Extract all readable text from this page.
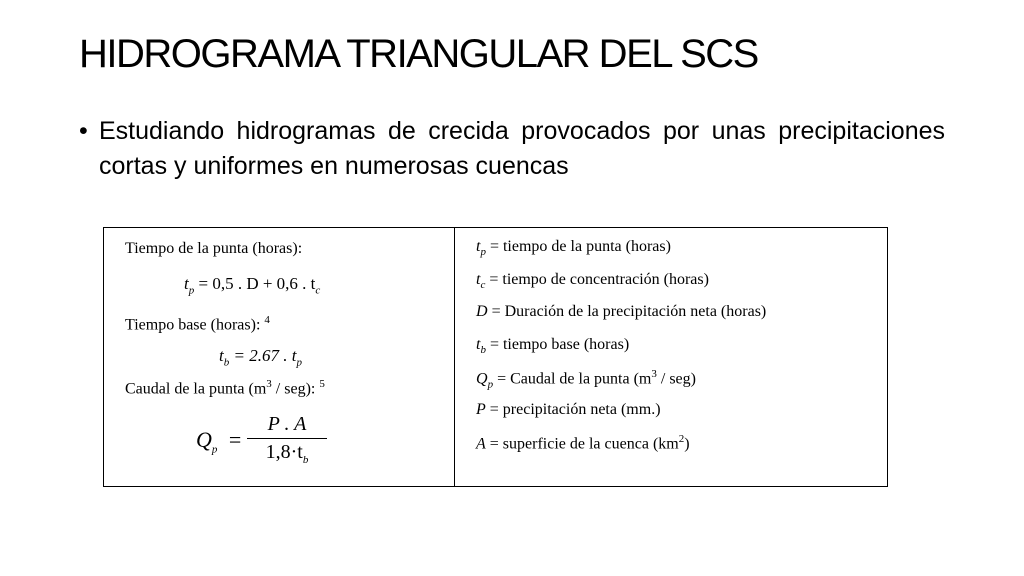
HIDROGRAMA TRIANGULAR DEL SCS
• Estudiando hidrogramas de crecida provocados por unas precipitaciones cortas y uniformes en numerosas cuencas
Tiempo de la punta (horas):
$t_p = 0,5$ . D + 0,6 . $t_c$
Tiempo base (horas): $^4$
$t_b = 2.67$ . $t_p$
Caudal de la punta $(m^3 / seg)$: $^5$
$Q_p = \frac{P . A}{1,8\cdot t_b}$
$t_p$ = tiempo de la punta (horas)
$t_c$ = tiempo de concentración (horas)
D = Duración de la precipitación neta (horas)
$t_b$ = tiempo base (horas)
$Q_p$ = Caudal de la punta $(m^3 / seg)$
P = precipitación neta (mm.)
A = superficie de la cuenca $(km^2)$
